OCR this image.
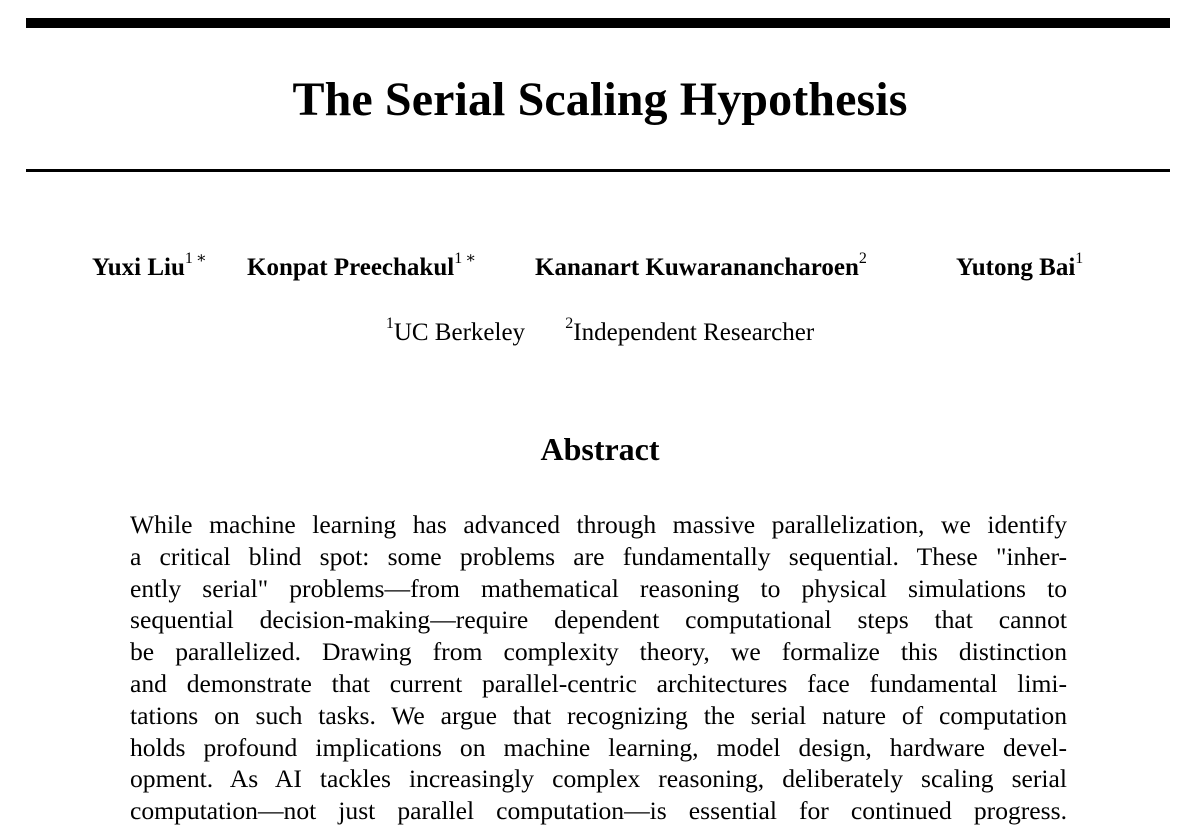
The Serial Scaling Hypothesis
Yuxi Liu$^1$ ∗ Konpat Preechakul$^1$ ∗ Kananart Kuwaranancharoen$^2$	Yutong Bai$^1$
$^1$UC Berkeley	$^2$Independent Researcher
Abstract
While machine learning has advanced through massive parallelization, we identify
a critical blind spot: some problems are fundamentally sequential. These "inher-
ently serial" problems—from mathematical reasoning to physical simulations to
sequential decision-making—require dependent computational steps that cannot
be parallelized. Drawing from complexity theory, we formalize this distinction
and demonstrate that current parallel-centric architectures face fundamental limi-
tations on such tasks. We argue that recognizing the serial nature of computation
holds profound implications on machine learning, model design, hardware devel-
opment. As AI tackles increasingly complex reasoning, deliberately scaling serial
computation—not just parallel computation—is essential for continued progress.
